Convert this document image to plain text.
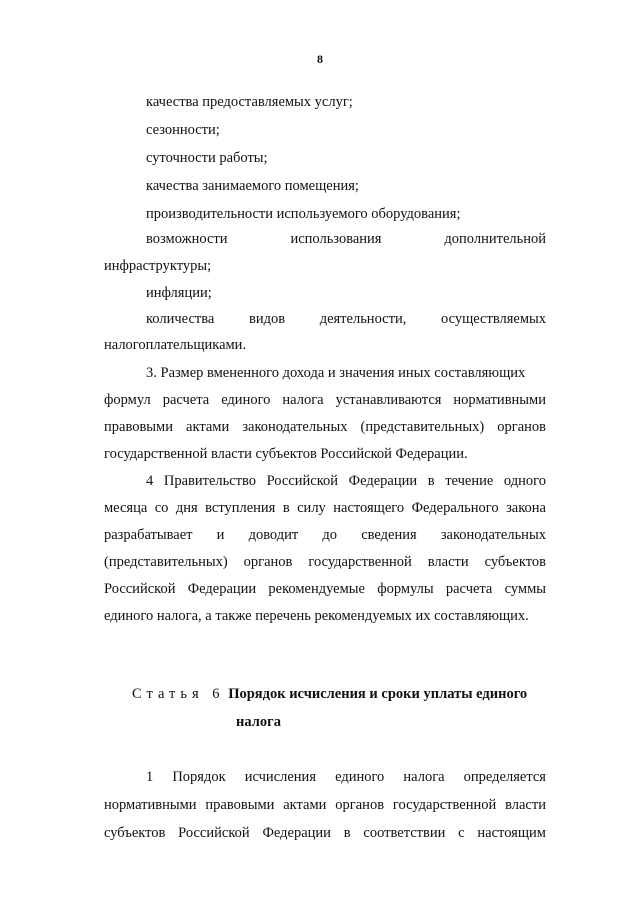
8
качества предоставляемых услуг;
сезонности;
суточности работы;
качества занимаемого помещения;
производительности используемого оборудования;
возможности	использования	дополнительной
инфраструктуры;
инфляции;
количества видов деятельности, осуществляемых
налогоплательщиками.
3. Размер вмененного дохода и значения иных составляющих
формул расчета единого налога устанавливаются нормативными
правовыми актами законодательных (представительных) органов
государственной власти субъектов Российской Федерации.
4 Правительство Российской Федерации в течение одного
месяца со дня вступления в силу настоящего Федерального закона
разрабатывает и доводит до сведения законодательных
(представительных) органов государственной власти субъектов
Российской Федерации рекомендуемые формулы расчета суммы
единого налога, а также перечень рекомендуемых их составляющих.
Статья 6 Порядок исчисления и сроки уплаты единого
налога
1 Порядок исчисления единого налога определяется
нормативными правовыми актами органов государственной власти
субъектов Российской Федерации в соответствии с настоящим
